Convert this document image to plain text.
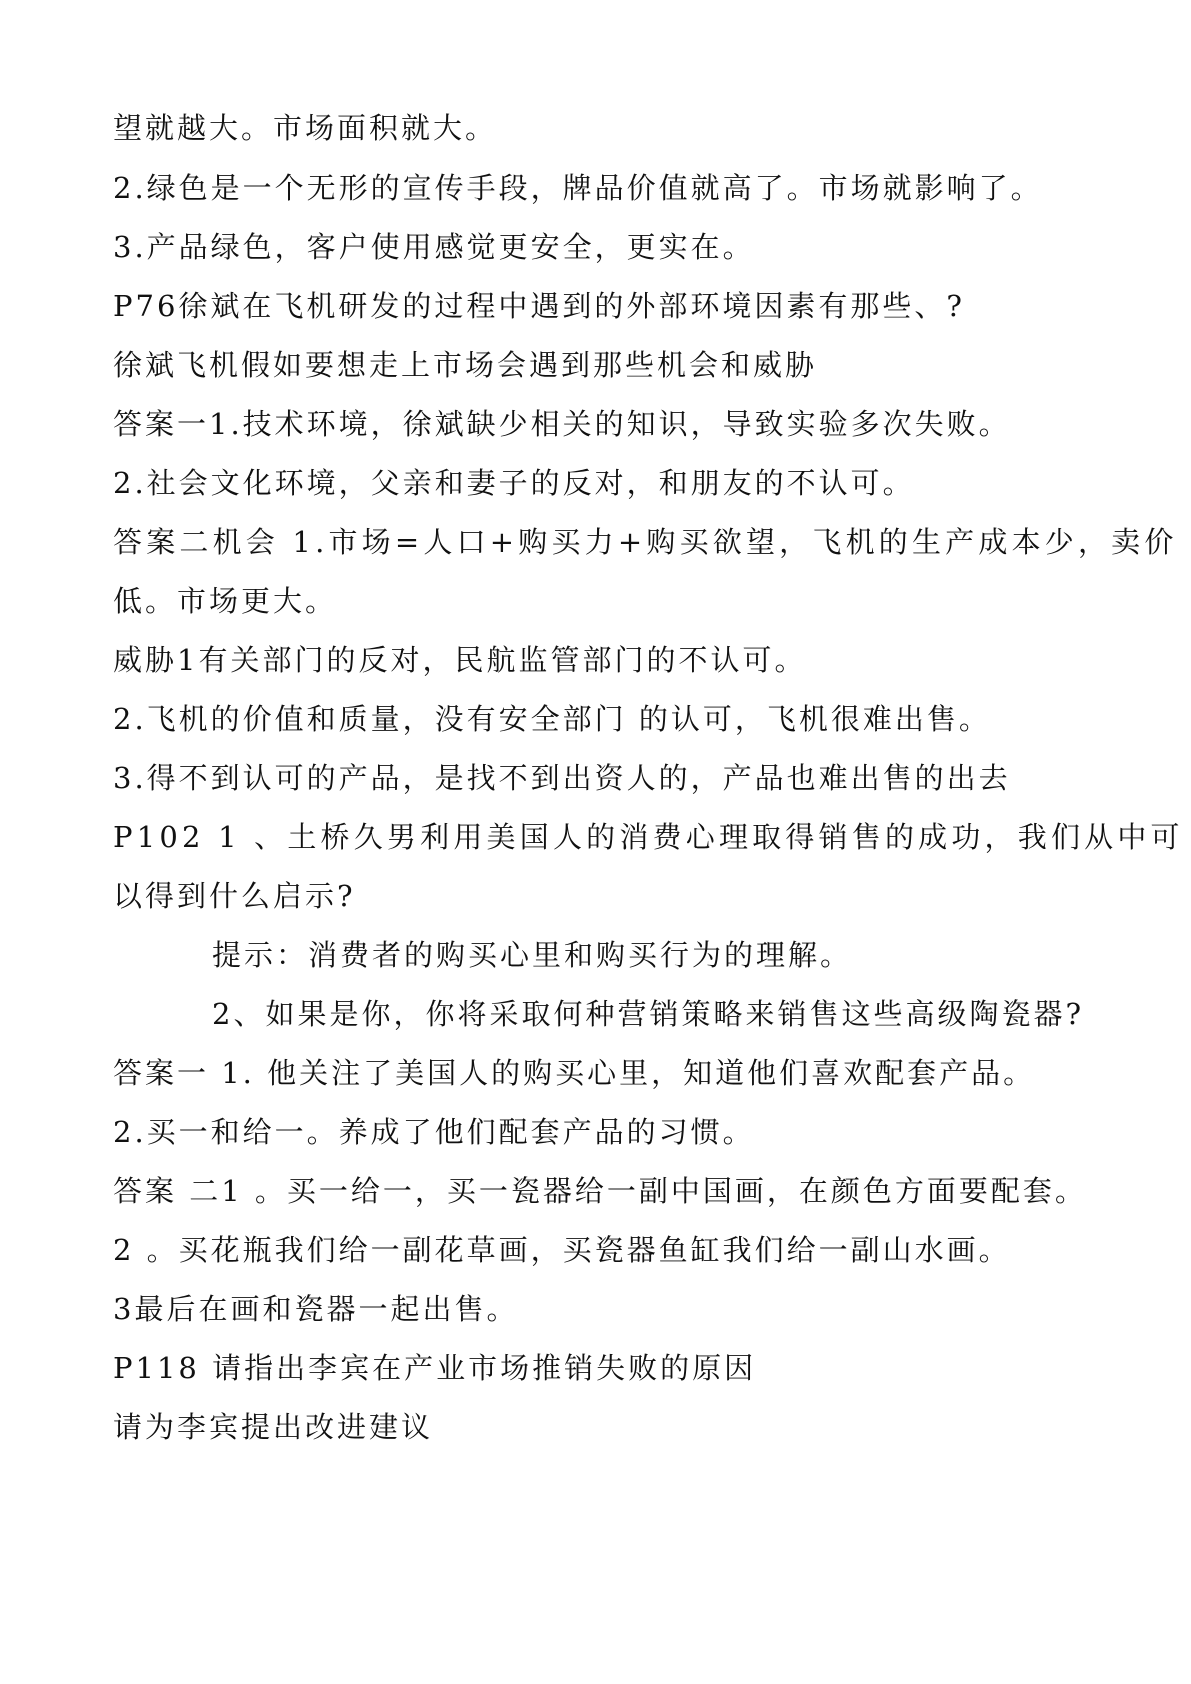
望就越大。市场面积就大。
2.绿色是一个无形的宣传手段，牌品价值就高了。市场就影响了。
3.产品绿色，客户使用感觉更安全，更实在。
P76徐斌在飞机研发的过程中遇到的外部环境因素有那些、?
徐斌飞机假如要想走上市场会遇到那些机会和威胁
答案一1.技术环境，徐斌缺少相关的知识，导致实验多次失败。
2.社会文化环境，父亲和妻子的反对，和朋友的不认可。
答案二机会 1.市场=人口+购买力+购买欲望，飞机的生产成本少，卖价
低。市场更大。
威胁1有关部门的反对，民航监管部门的不认可。
2.飞机的价值和质量，没有安全部门 的认可，飞机很难出售。
3.得不到认可的产品，是找不到出资人的，产品也难出售的出去
P102 1 、土桥久男利用美国人的消费心理取得销售的成功，我们从中可
以得到什么启示?
提示：消费者的购买心里和购买行为的理解。
2、如果是你，你将采取何种营销策略来销售这些高级陶瓷器?
答案一 1. 他关注了美国人的购买心里，知道他们喜欢配套产品。
2.买一和给一。养成了他们配套产品的习惯。
答案 二1 。买一给一，买一瓷器给一副中国画，在颜色方面要配套。
2 。买花瓶我们给一副花草画，买瓷器鱼缸我们给一副山水画。
3最后在画和瓷器一起出售。
P118 请指出李宾在产业市场推销失败的原因
请为李宾提出改进建议
